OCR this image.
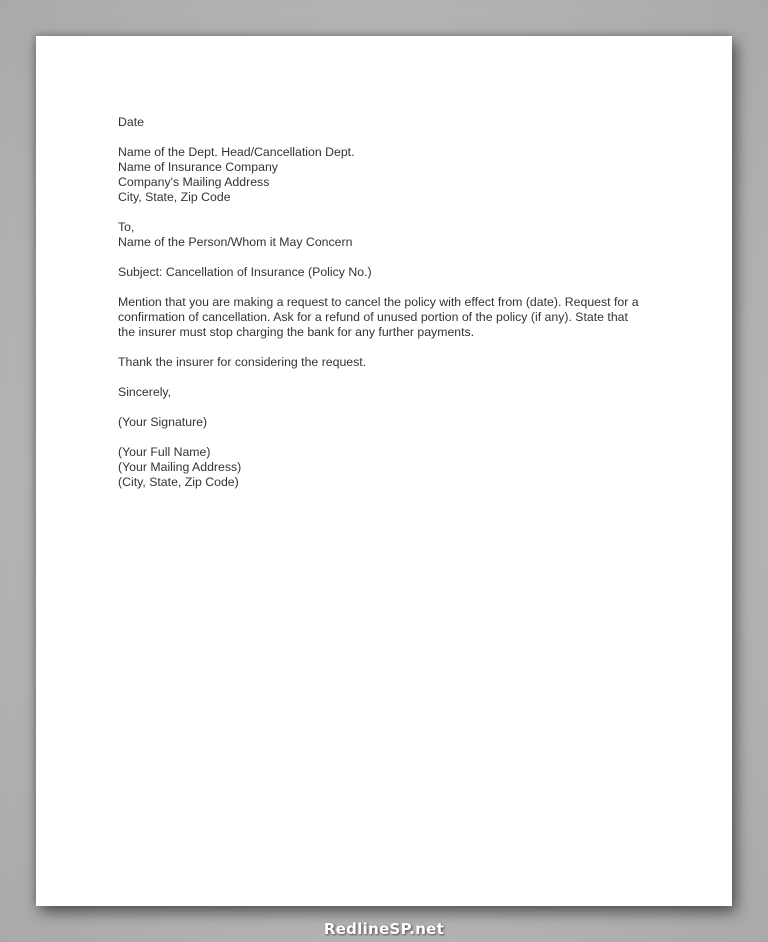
Date
Name of the Dept. Head/Cancellation Dept.
Name of Insurance Company
Company's Mailing Address
City, State, Zip Code
To,
Name of the Person/Whom it May Concern
Subject: Cancellation of Insurance (Policy No.)
Mention that you are making a request to cancel the policy with effect from (date). Request for a
confirmation of cancellation. Ask for a refund of unused portion of the policy (if any). State that
the insurer must stop charging the bank for any further payments.
Thank the insurer for considering the request.
Sincerely,
(Your Signature)
(Your Full Name)
(Your Mailing Address)
(City, State, Zip Code)
RedlineSP.net
